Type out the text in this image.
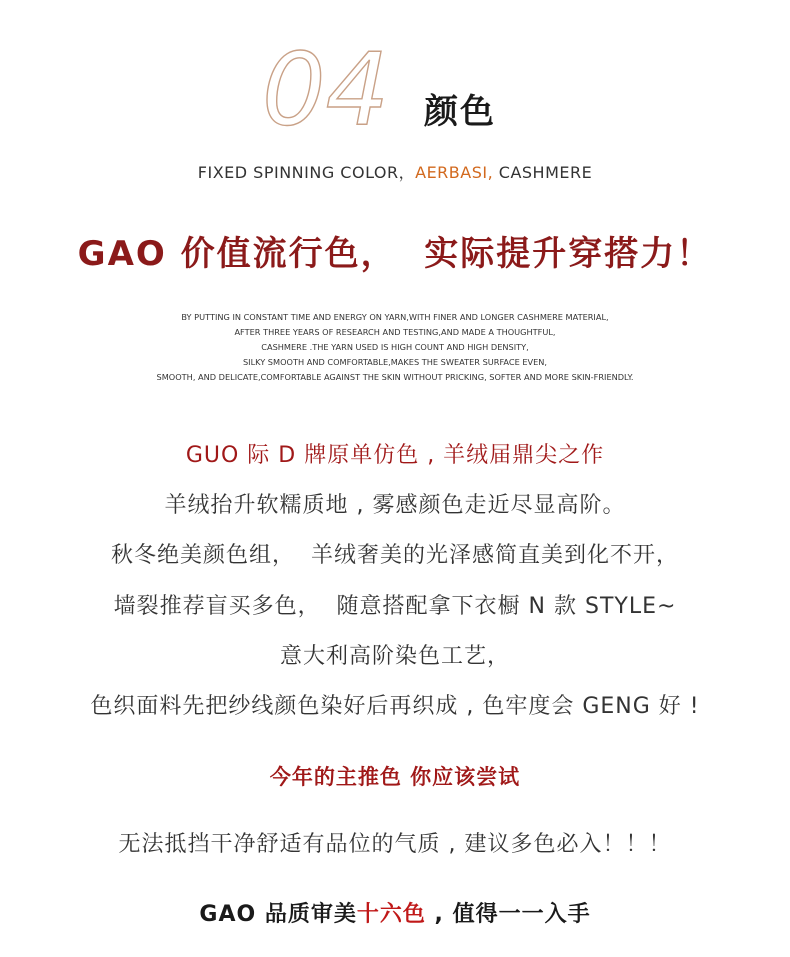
04 颜色
FIXED SPINNING COLOR，AERBASI, CASHMERE
GAO 价值流行色，  实际提升穿搭力！
BY PUTTING IN CONSTANT TIME AND ENERGY ON YARN,WITH FINER AND LONGER CASHMERE MATERIAL,
AFTER THREE YEARS OF RESEARCH AND TESTING,AND MADE A THOUGHTFUL,
CASHMERE .THE YARN USED IS HIGH COUNT AND HIGH DENSITY,
SILKY SMOOTH AND COMFORTABLE,MAKES THE SWEATER SURFACE EVEN,
SMOOTH, AND DELICATE,COMFORTABLE AGAINST THE SKIN WITHOUT PRICKING, SOFTER AND MORE SKIN-FRIENDLY.
GUO 际 D 牌原单仿色 , 羊绒届鼎尖之作
羊绒抬升软糯质地 , 雾感颜色走近尽显高阶。
秋冬绝美颜色组，  羊绒奢美的光泽感简直美到化不开，
墙裂推荐盲买多色，  随意搭配拿下衣橱 N 款 STYLE~
意大利高阶染色工艺，
色织面料先把纱线颜色染好后再织成 , 色牢度会 GENG 好 !
今年的主推色 你应该尝试
无法抵挡干净舒适有品位的气质 , 建议多色必入！！！
GAO 品质审美十六色 , 值得一一入手
